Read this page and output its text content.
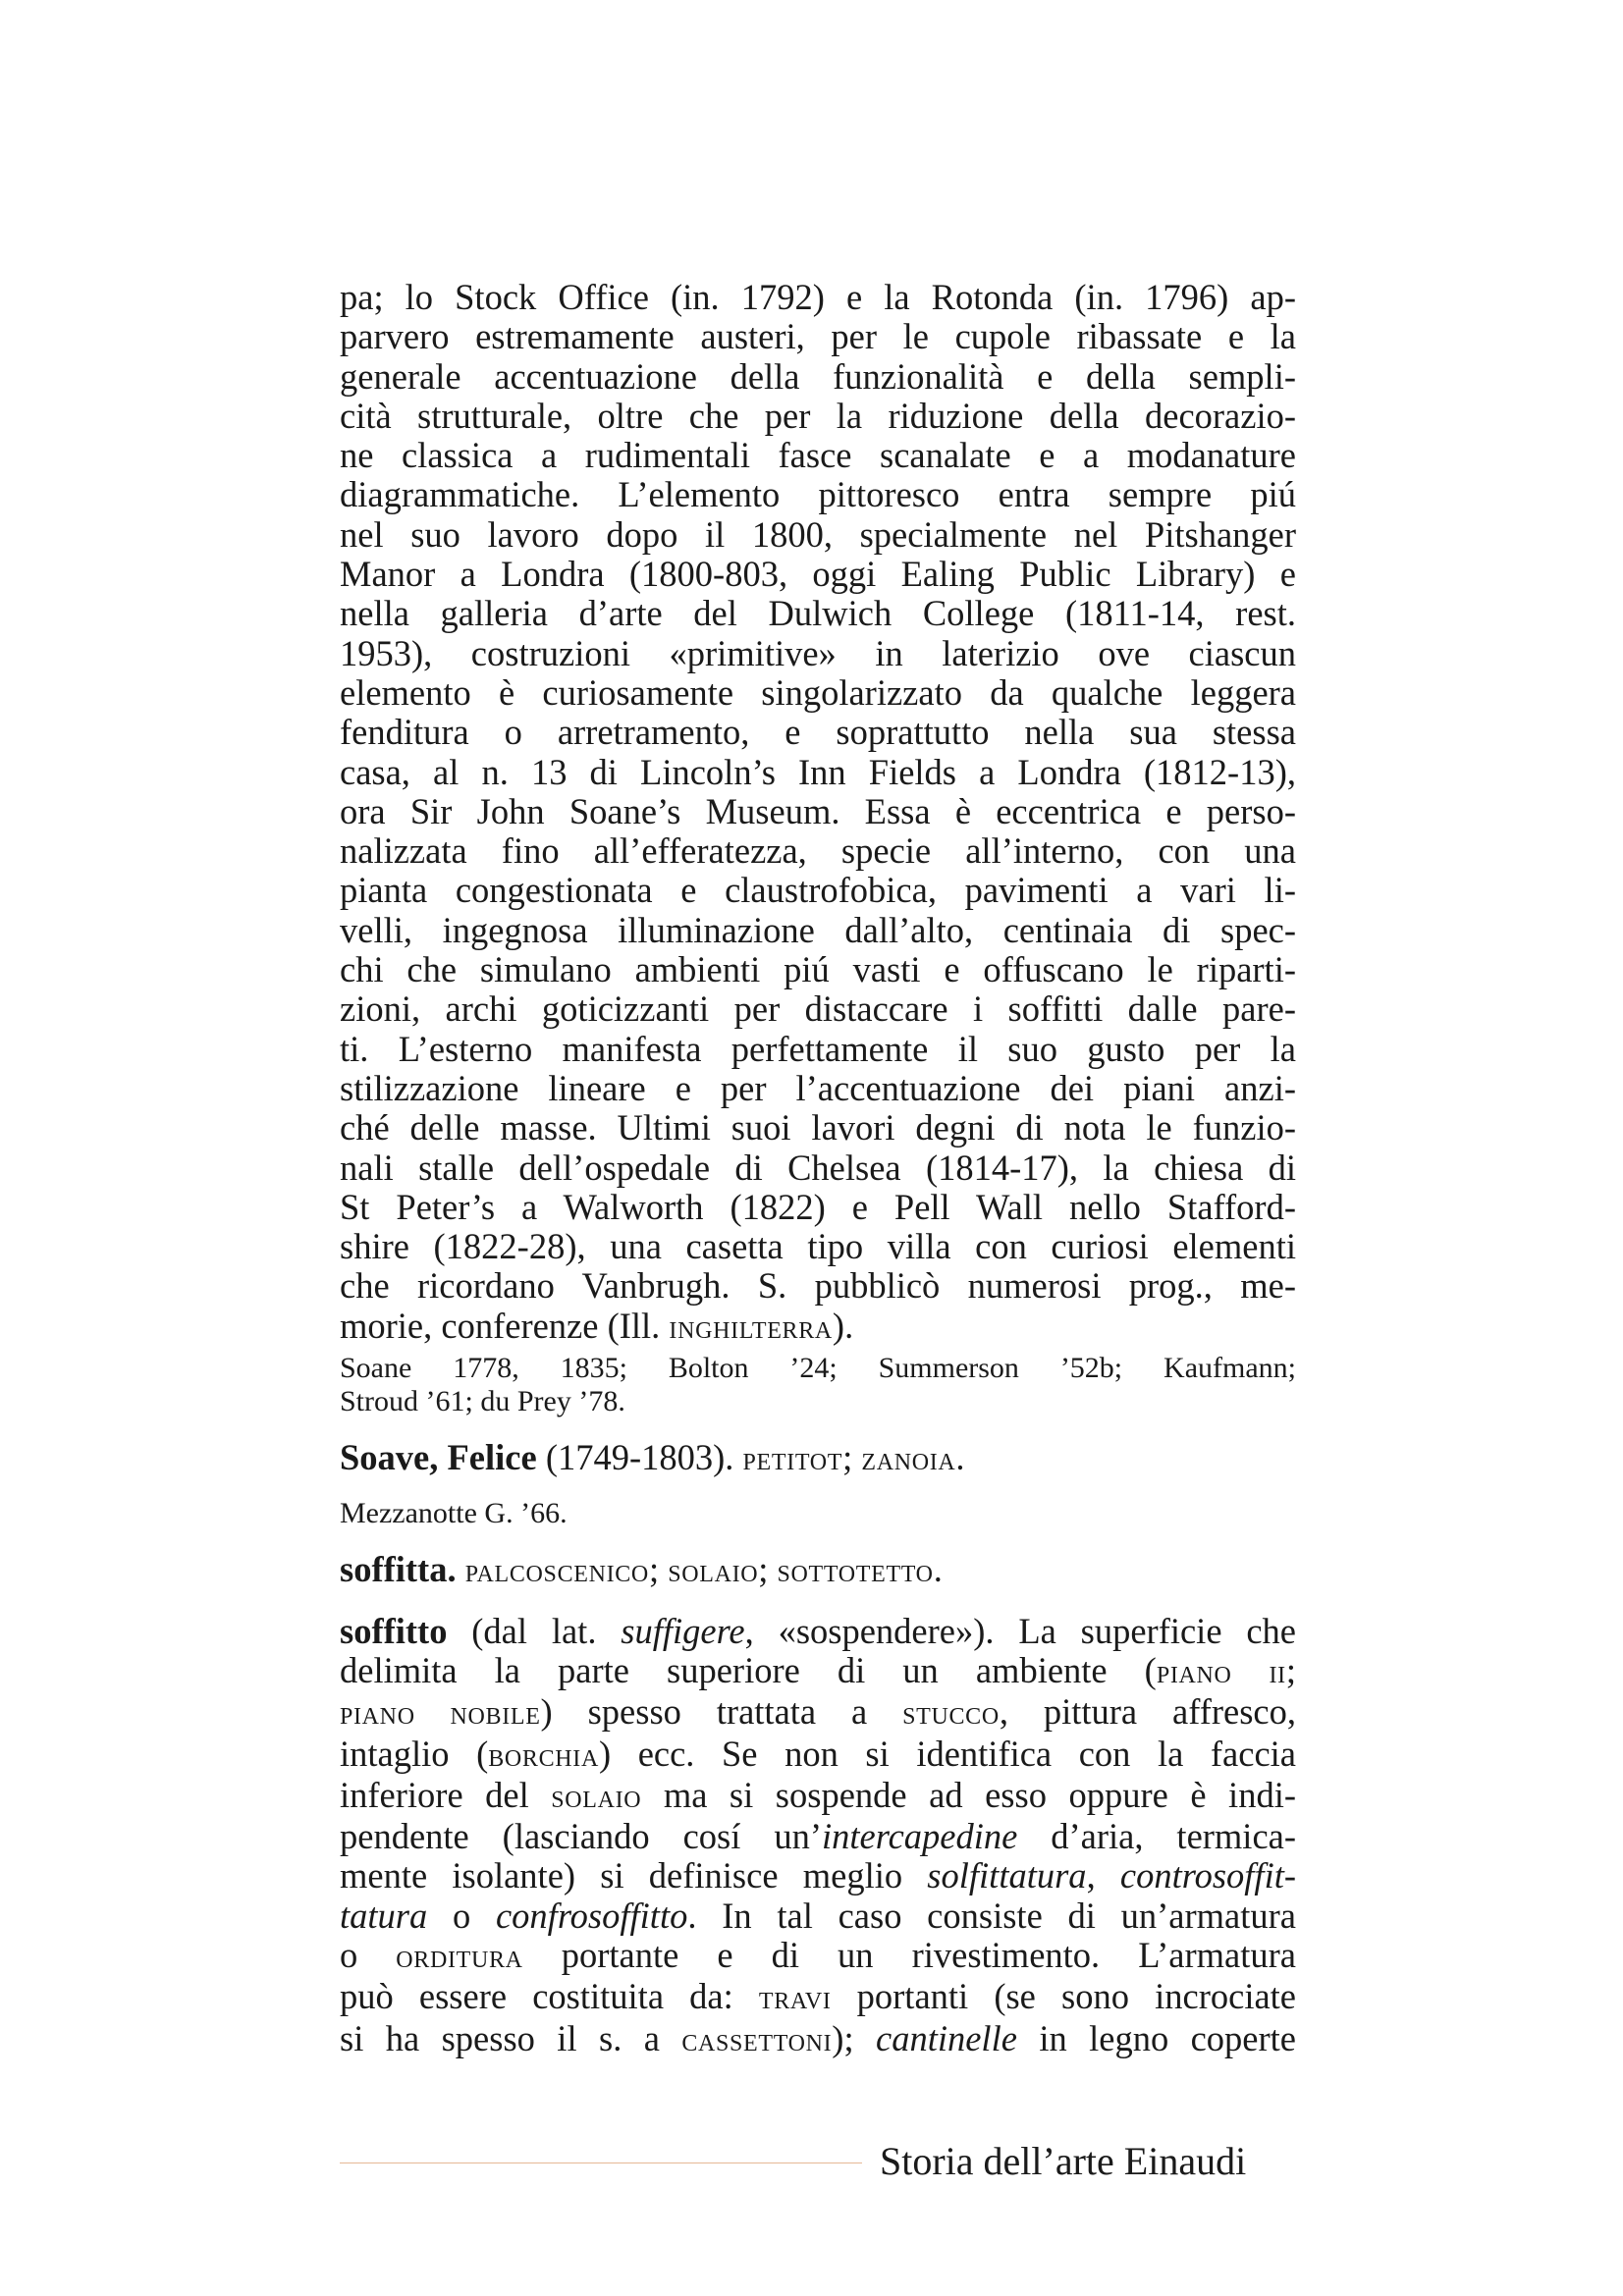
pa; lo Stock Office (in. 1792) e la Rotonda (in. 1796) ap-
parvero estremamente austeri, per le cupole ribassate e la
generale accentuazione della funzionalità e della sempli-
cità strutturale, oltre che per la riduzione della decorazio-
ne classica a rudimentali fasce scanalate e a modanature
diagrammatiche. L’elemento pittoresco entra sempre piú
nel suo lavoro dopo il 1800, specialmente nel Pitshanger
Manor a Londra (1800-803, oggi Ealing Public Library) e
nella galleria d’arte del Dulwich College (1811-14, rest.
1953), costruzioni «primitive» in laterizio ove ciascun
elemento è curiosamente singolarizzato da qualche leggera
fenditura o arretramento, e soprattutto nella sua stessa
casa, al n. 13 di Lincoln’s Inn Fields a Londra (1812-13),
ora Sir John Soane’s Museum. Essa è eccentrica e perso-
nalizzata fino all’efferatezza, specie all’interno, con una
pianta congestionata e claustrofobica, pavimenti a vari li-
velli, ingegnosa illuminazione dall’alto, centinaia di spec-
chi che simulano ambienti piú vasti e offuscano le riparti-
zioni, archi goticizzanti per distaccare i soffitti dalle pare-
ti. L’esterno manifesta perfettamente il suo gusto per la
stilizzazione lineare e per l’accentuazione dei piani anzi-
ché delle masse. Ultimi suoi lavori degni di nota le funzio-
nali stalle dell’ospedale di Chelsea (1814-17), la chiesa di
St Peter’s a Walworth (1822) e Pell Wall nello Stafford-
shire (1822-28), una casetta tipo villa con curiosi elementi
che ricordano Vanbrugh. S. pubblicò numerosi prog., me-
morie, conferenze (Ill. inghilterra).
Soane 1778, 1835; Bolton ’24; Summerson ’52b; Kaufmann;
Stroud ’61; du Prey ’78.
Soave, Felice (1749-1803). petitot; zanoia.
Mezzanotte G. ’66.
soffitta. palcoscenico; solaio; sottotetto.
soffitto (dal lat. suffigere, «sospendere»). La superficie che
delimita la parte superiore di un ambiente (piano ii;
piano nobile) spesso trattata a stucco, pittura affresco,
intaglio (borchia) ecc. Se non si identifica con la faccia
inferiore del solaio ma si sospende ad esso oppure è indi-
pendente (lasciando cosí un’intercapedine d’aria, termica-
mente isolante) si definisce meglio solfittatura, controsoffit-
tatura o confrosoffitto. In tal caso consiste di un’armatura
o orditura portante e di un rivestimento. L’armatura
può essere costituita da: travi portanti (se sono incrociate
si ha spesso il s. a cassettoni); cantinelle in legno coperte
Storia dell’arte Einaudi
